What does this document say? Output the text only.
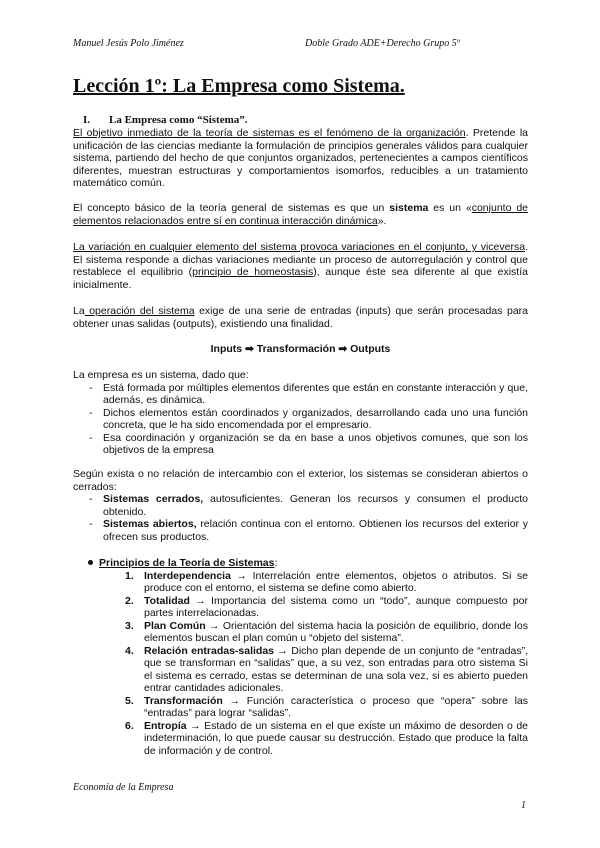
Manuel Jesús Polo Jiménez	Doble Grado ADE+Derecho Grupo 5º
Lección 1º: La Empresa como Sistema.
I. La Empresa como “Sistema”.

El objetivo inmediato de la teoría de sistemas es el fenómeno de la organización. Pretende la unificación de las ciencias mediante la formulación de principios generales válidos para cualquier sistema, partiendo del hecho de que conjuntos organizados, pertenecientes a campos científicos diferentes, muestran estructuras y comportamientos isomorfos, reducibles a un tratamiento matemático común.

El concepto básico de la teoría general de sistemas es que un sistema es un «conjunto de elementos relacionados entre sí en continua interacción dinámica».

La variación en cualquier elemento del sistema provoca variaciones en el conjunto, y viceversa. El sistema responde a dichas variaciones mediante un proceso de autorregulación y control que restablece el equilibrio (principio de homeostasis), aunque éste sea diferente al que existía inicialmente.

La operación del sistema exige de una serie de entradas (inputs) que serán procesadas para obtener unas salidas (outputs), existiendo una finalidad.

Inputs ➡ Transformación ➡ Outputs

La empresa es un sistema, dado que:

- Está formada por múltiples elementos diferentes que están en constante interacción y que, además, es dinámica.
- Dichos elementos están coordinados y organizados, desarrollando cada uno una función concreta, que le ha sido encomendada por el empresario.
- Esa coordinación y organización se da en base a unos objetivos comunes, que son los objetivos de la empresa

Según exista o no relación de intercambio con el exterior, los sistemas se consideran abiertos o cerrados:

- Sistemas cerrados, autosuficientes. Generan los recursos y consumen el producto obtenido.
- Sistemas abiertos, relación continua con el entorno. Obtienen los recursos del exterior y ofrecen sus productos.
Principios de la Teoría de Sistemas:
1. Interdependencia → Interrelación entre elementos, objetos o atributos. Si se produce con el entorno, el sistema se define como abierto.
2. Totalidad → Importancia del sistema como un “todo”, aunque compuesto por partes interrelacionadas.
3. Plan Común → Orientación del sistema hacia la posición de equilibrio, donde los elementos buscan el plan común u “objeto del sistema”.
4. Relación entradas-salidas → Dicho plan depende de un conjunto de “entradas”, que se transforman en “salidas” que, a su vez, son entradas para otro sistema Si el sistema es cerrado, estas se determinan de una sola vez, si es abierto pueden entrar cantidades adicionales.
5. Transformación → Función característica o proceso que “opera” sobre las “entradas” para lograr “salidas”.
6. Entropía → Estado de un sistema en el que existe un máximo de desorden o de indeterminación, lo que puede causar su destrucción. Estado que produce la falta de información y de control.
Economía de la Empresa
1
